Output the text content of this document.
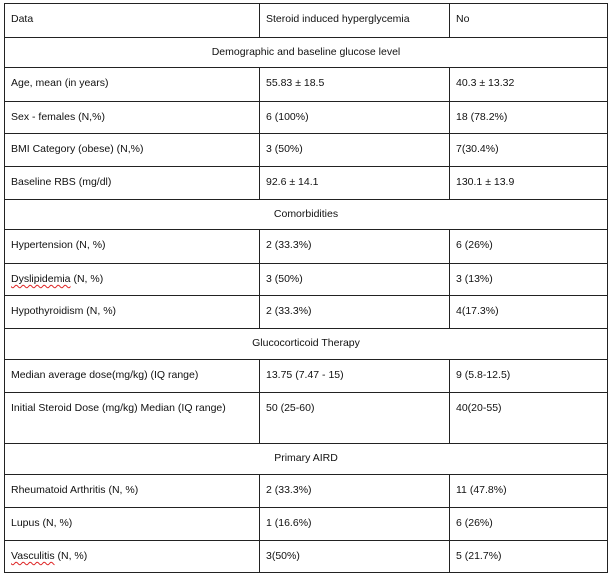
Data	Steroid induced hyperglycemia	No
Demographic and baseline glucose level		
Age, mean (in years)	55.83 ± 18.5	40.3 ± 13.32
Sex - females (N,%)	6 (100%)	18 (78.2%)
BMI Category (obese) (N,%)	3 (50%)	7(30.4%)
Baseline RBS (mg/dl)	92.6 ± 14.1	130.1 ± 13.9
Comorbidities		
Hypertension (N, %)	2 (33.3%)	6 (26%)
Dyslipidemia (N, %)	3 (50%)	3 (13%)
Hypothyroidism (N, %)	2 (33.3%)	4(17.3%)
Glucocorticoid Therapy		
Median average dose(mg/kg) (IQ range)	13.75 (7.47 - 15)	9 (5.8-12.5)
Initial Steroid Dose (mg/kg) Median (IQ range)	50 (25-60)	40(20-55)
Primary AIRD		
Rheumatoid Arthritis (N, %)	2 (33.3%)	11 (47.8%)
Lupus (N, %)	1 (16.6%)	6 (26%)
Vasculitis (N, %)	3(50%)	5 (21.7%)
